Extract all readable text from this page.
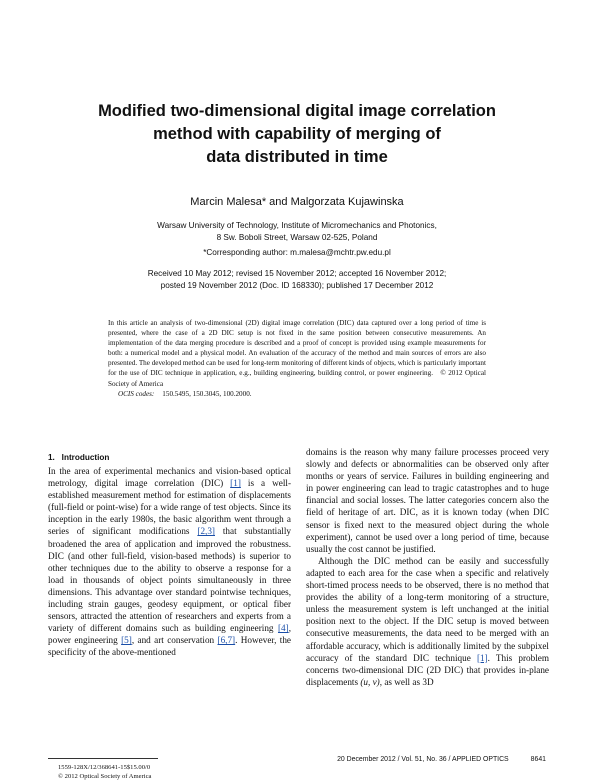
Modified two-dimensional digital image correlation
method with capability of merging of
data distributed in time
Marcin Malesa* and Malgorzata Kujawinska
Warsaw University of Technology, Institute of Micromechanics and Photonics,
8 Sw. Boboli Street, Warsaw 02-525, Poland
*Corresponding author: m.malesa@mchtr.pw.edu.pl
Received 10 May 2012; revised 15 November 2012; accepted 16 November 2012;
posted 19 November 2012 (Doc. ID 168330); published 17 December 2012
In this article an analysis of two-dimensional (2D) digital image correlation (DIC) data captured over a long period of time is presented, where the case of a 2D DIC setup is not fixed in the same position between consecutive measurements. An implementation of the data merging procedure is described and a proof of concept is provided using example measurements for both: a numerical model and a physical model. An evaluation of the accuracy of the method and main sources of errors are also presented. The developed method can be used for long-term monitoring of different kinds of objects, which is particularly important for the use of DIC technique in application, e.g., building engineering, building control, or power engineering. © 2012 Optical Society of America
OCIS codes: 150.5495, 150.3045, 100.2000.
1. Introduction

In the area of experimental mechanics and vision-based optical metrology, digital image correlation (DIC) [1] is a well-established measurement method for estimation of displacements (full-field or point-wise) for a wide range of test objects. Since its inception in the early 1980s, the basic algorithm went through a series of significant modifications [2,3] that substantially broadened the area of application and improved the robustness. DIC (and other full-field, vision-based methods) is superior to other techniques due to the ability to observe a response for a load in thousands of object points simultaneously in three dimensions. This advantage over standard pointwise techniques, including strain gauges, geodesy equipment, or optical fiber sensors, attracted the attention of researchers and experts from a variety of different domains such as building engineering [4], power engineering [5], and art conservation [6,7]. However, the specificity of the above-mentioned

domains is the reason why many failure processes proceed very slowly and defects or abnormalities can be observed only after months or years of service. Failures in building engineering and in power engineering can lead to tragic catastrophes and to huge financial and social losses. The latter categories concern also the field of heritage of art. DIC, as it is known today (when DIC sensor is fixed next to the measured object during the whole experiment), cannot be used over a long period of time, because usually the cost cannot be justified.

Although the DIC method can be easily and successfully adapted to each area for the case when a specific and relatively short-timed process needs to be observed, there is no method that provides the ability of a long-term monitoring of a structure, unless the measurement system is left unchanged at the initial position next to the object. If the DIC setup is moved between consecutive measurements, the data need to be merged with an affordable accuracy, which is additionally limited by the subpixel accuracy of the standard DIC technique [1]. This problem concerns two-dimensional DIC (2D DIC) that provides in-plane displacements (u, v), as well as 3D

1559-128X/12/368641-15$15.00/0
© 2012 Optical Society of America
20 December 2012 / Vol. 51, No. 36 / APPLIED OPTICS	8641
